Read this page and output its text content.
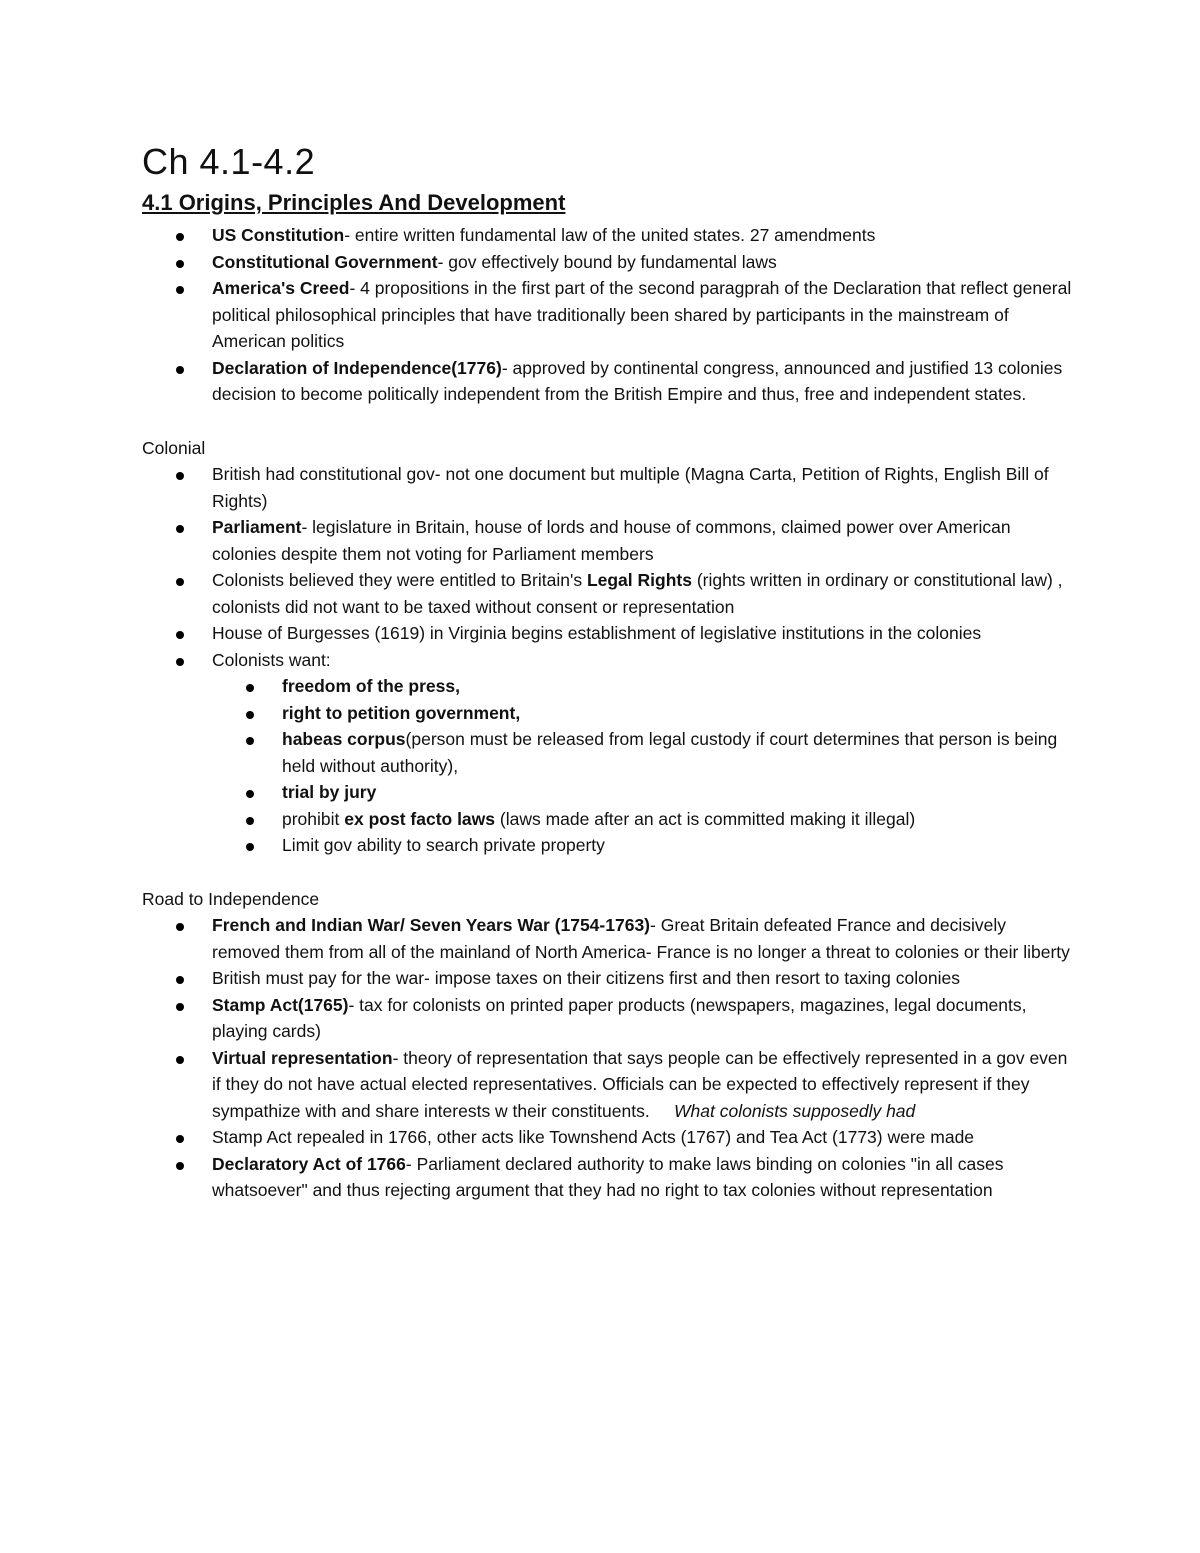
Ch 4.1-4.2
4.1 Origins, Principles And Development
US Constitution- entire written fundamental law of the united states. 27 amendments
Constitutional Government- gov effectively bound by fundamental laws
America's Creed- 4 propositions in the first part of the second paragprah of the Declaration that reflect general political philosophical principles that have traditionally been shared by participants in the mainstream of American politics
Declaration of Independence(1776)- approved by continental congress, announced and justified 13 colonies decision to become politically independent from the British Empire and thus, free and independent states.

Colonial

British had constitutional gov- not one document but multiple (Magna Carta, Petition of Rights, English Bill of Rights)
Parliament- legislature in Britain, house of lords and house of commons, claimed power over American colonies despite them not voting for Parliament members
Colonists believed they were entitled to Britain's Legal Rights (rights written in ordinary or constitutional law) , colonists did not want to be taxed without consent or representation
House of Burgesses (1619) in Virginia begins establishment of legislative institutions in the colonies
Colonists want:
freedom of the press,
right to petition government,
habeas corpus(person must be released from legal custody if court determines that person is being held without authority),
trial by jury
prohibit ex post facto laws (laws made after an act is committed making it illegal)
Limit gov ability to search private property

Road to Independence

French and Indian War/ Seven Years War (1754-1763)- Great Britain defeated France and decisively removed them from all of the mainland of North America- France is no longer a threat to colonies or their liberty
British must pay for the war- impose taxes on their citizens first and then resort to taxing colonies
Stamp Act(1765)- tax for colonists on printed paper products (newspapers, magazines, legal documents, playing cards)
Virtual representation- theory of representation that says people can be effectively represented in a gov even if they do not have actual elected representatives. Officials can be expected to effectively represent if they sympathize with and share interests w their constituents.     What colonists supposedly had
Stamp Act repealed in 1766, other acts like Townshend Acts (1767) and Tea Act (1773) were made
Declaratory Act of 1766- Parliament declared authority to make laws binding on colonies "in all cases whatsoever" and thus rejecting argument that they had no right to tax colonies without representation
